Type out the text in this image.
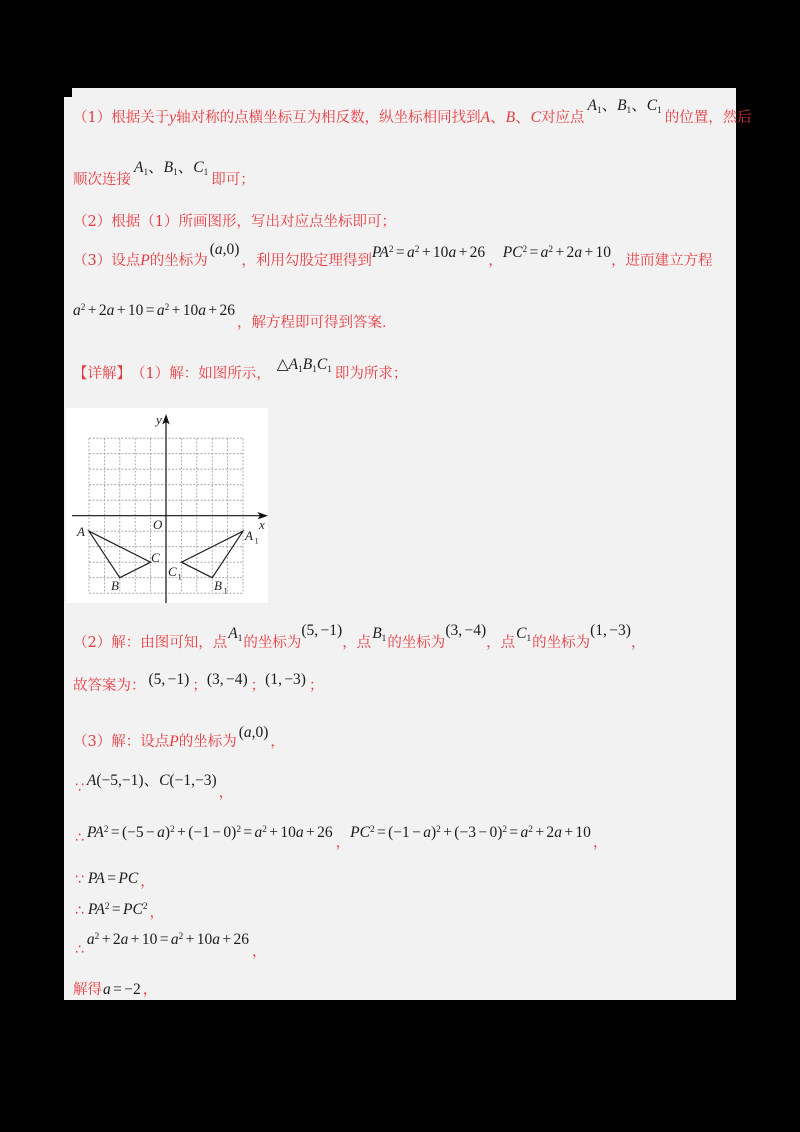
（1）根据关于 y 轴对称的点横坐标互为相反数，纵坐标相同找到 A、B、C 对应点
$A_1$、$B_1$、$C_1$ 的位置，然后
顺次连接
$A_1$、$B_1$、$C_1$ 即可；
（2）根据（1）所画图形，写出对应点坐标即可；
（3）设点 P 的坐标为
(a,0)
，利用勾股定理得到 $PA^2 = a^2 + 10a + 26$ ， $PC^2 = a^2 + 2a + 10$ ，进而建立方程
$a^2 + 2a + 10 = a^2 + 10a + 26$
，解方程即可得到答案．
【详解】 （1）解：如图所示，
$\triangle A_1B_1C_1$ 即为所求；
y
x
O
A
B
C
A 1
B 1
C 1
（2）解：由图可知，点
$A_1$ 的坐标为
(5, −1)
，点
$B_1$ 的坐标为
(3, −4)
，点
$C_1$ 的坐标为
(1, −3)
，
故答案为： (5, −1) ； (3, −4) ； (1, −3) ；
（3）解：设点 P 的坐标为
(a,0)
，
∵ A(−5,−1)、C(−1,−3)
，
∴ $PA^2 = (-5 - a)^2 + (-1 - 0)^2 = a^2 + 10a + 26$
，
$PC^2 = (-1 - a)^2 + (-3 - 0)^2 = a^2 + 2a + 10$
，
∵ PA = PC ，
∴ $PA^2 = PC^2$ ，
∴
$a^2 + 2a + 10 = a^2 + 10a + 26$
，
解得 a = −2 ，
